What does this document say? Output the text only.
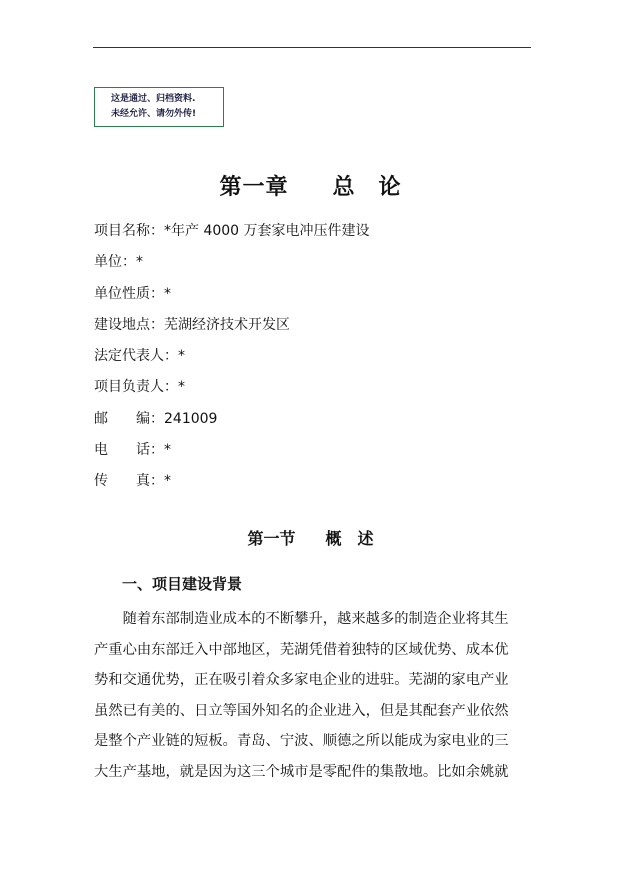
这是通过、归档资料.
未经允许、请勿外传!
第一章 总　论
项目名称：*年产 4000 万套家电冲压件建设
单位：*
单位性质：*
建设地点：芜湖经济技术开发区
法定代表人：*
项目负责人：*
邮　　编：241009
电　　话：*
传　　真：*
第一节 概　述
一、项目建设背景
　　随着东部制造业成本的不断攀升，越来越多的制造企业将其生
产重心由东部迁入中部地区，芜湖凭借着独特的区域优势、成本优
势和交通优势，正在吸引着众多家电企业的进驻。芜湖的家电产业
虽然已有美的、日立等国外知名的企业进入，但是其配套产业依然
是整个产业链的短板。青岛、宁波、顺德之所以能成为家电业的三
大生产基地，就是因为这三个城市是零配件的集散地。比如余姚就
